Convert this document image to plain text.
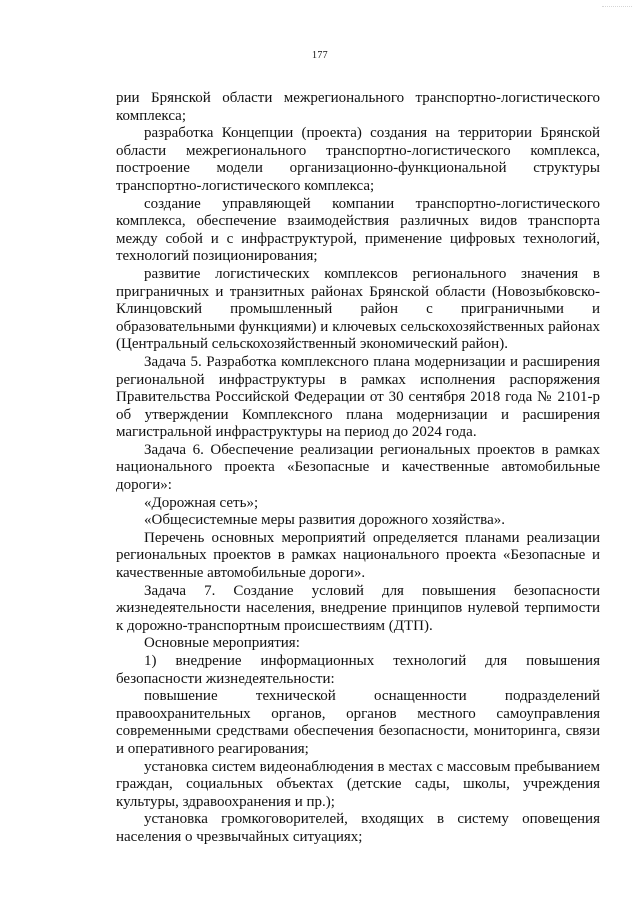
177

рии Брянской области межрегионального транспортно-логистического комплекса;

разработка Концепции (проекта) создания на территории Брянской области межрегионального транспортно-логистического комплекса, построение модели организационно-функциональной структуры транспортно-логистического комплекса;

создание управляющей компании транспортно-логистического комплекса, обеспечение взаимодействия различных видов транспорта между собой и с инфраструктурой, применение цифровых технологий, технологий позиционирования;

развитие логистических комплексов регионального значения в приграничных и транзитных районах Брянской области (Новозыбковско-Клинцовский промышленный район с приграничными и образовательными функциями) и ключевых сельскохозяйственных районах (Центральный сельскохозяйственный экономический район).

Задача 5. Разработка комплексного плана модернизации и расширения региональной инфраструктуры в рамках исполнения распоряжения Правительства Российской Федерации от 30 сентября 2018 года № 2101-р об утверждении Комплексного плана модернизации и расширения магистральной инфраструктуры на период до 2024 года.

Задача 6. Обеспечение реализации региональных проектов в рамках национального проекта «Безопасные и качественные автомобильные дороги»:

«Дорожная сеть»;

«Общесистемные меры развития дорожного хозяйства».

Перечень основных мероприятий определяется планами реализации региональных проектов в рамках национального проекта «Безопасные и качественные автомобильные дороги».

Задача 7. Создание условий для повышения безопасности жизнедеятельности населения, внедрение принципов нулевой терпимости к дорожно-транспортным происшествиям (ДТП).

Основные мероприятия:

1) внедрение информационных технологий для повышения безопасности жизнедеятельности:

повышение технической оснащенности подразделений правоохранительных органов, органов местного самоуправления современными средствами обеспечения безопасности, мониторинга, связи и оперативного реагирования;

установка систем видеонаблюдения в местах с массовым пребыванием граждан, социальных объектах (детские сады, школы, учреждения культуры, здравоохранения и пр.);

установка громкоговорителей, входящих в систему оповещения населения о чрезвычайных ситуациях;
